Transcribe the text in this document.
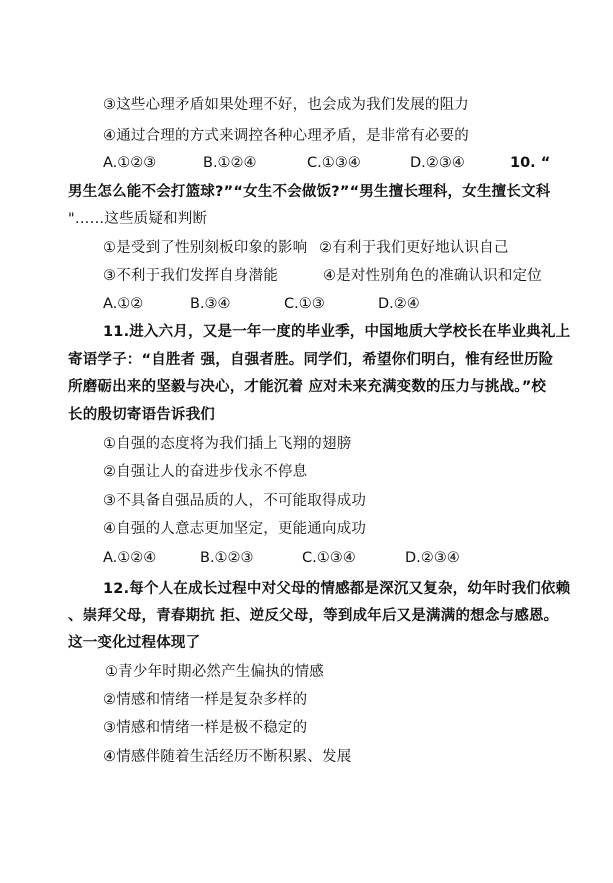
③这些心理矛盾如果处理不好，也会成为我们发展的阻力
④通过合理的方式来调控各种心理矛盾，是非常有必要的
A.①②③	B.①②④	C.①③④	D.②③④	10. “
男生怎么能不会打篮球?”“女生不会做饭?”“男生擅长理科，女生擅长文科
"……这些质疑和判断
①是受到了性别刻板印象的影响 ②有利于我们更好地认识自己
③不利于我们发挥自身潜能	④是对性别角色的准确认识和定位
A.①②	B.③④	C.①③	D.②④
11.进入六月，又是一年一度的毕业季，中国地质大学校长在毕业典礼上
寄语学子：“自胜者 强，自强者胜。同学们，希望你们明白，惟有经世历险
所磨砺出来的坚毅与决心，才能沉着 应对未来充满变数的压力与挑战。”校
长的殷切寄语告诉我们
①自强的态度将为我们插上飞翔的翅膀
②自强让人的奋进步伐永不停息
③不具备自强品质的人，不可能取得成功
④自强的人意志更加坚定，更能通向成功
A.①②④	B.①②③	C.①③④	D.②③④
12.每个人在成长过程中对父母的情感都是深沉又复杂，幼年时我们依赖
、崇拜父母，青春期抗 拒、逆反父母，等到成年后又是满满的想念与感恩。
这一变化过程体现了
①青少年时期必然产生偏执的情感
②情感和情绪一样是复杂多样的
③情感和情绪一样是极不稳定的
④情感伴随着生活经历不断积累、发展
